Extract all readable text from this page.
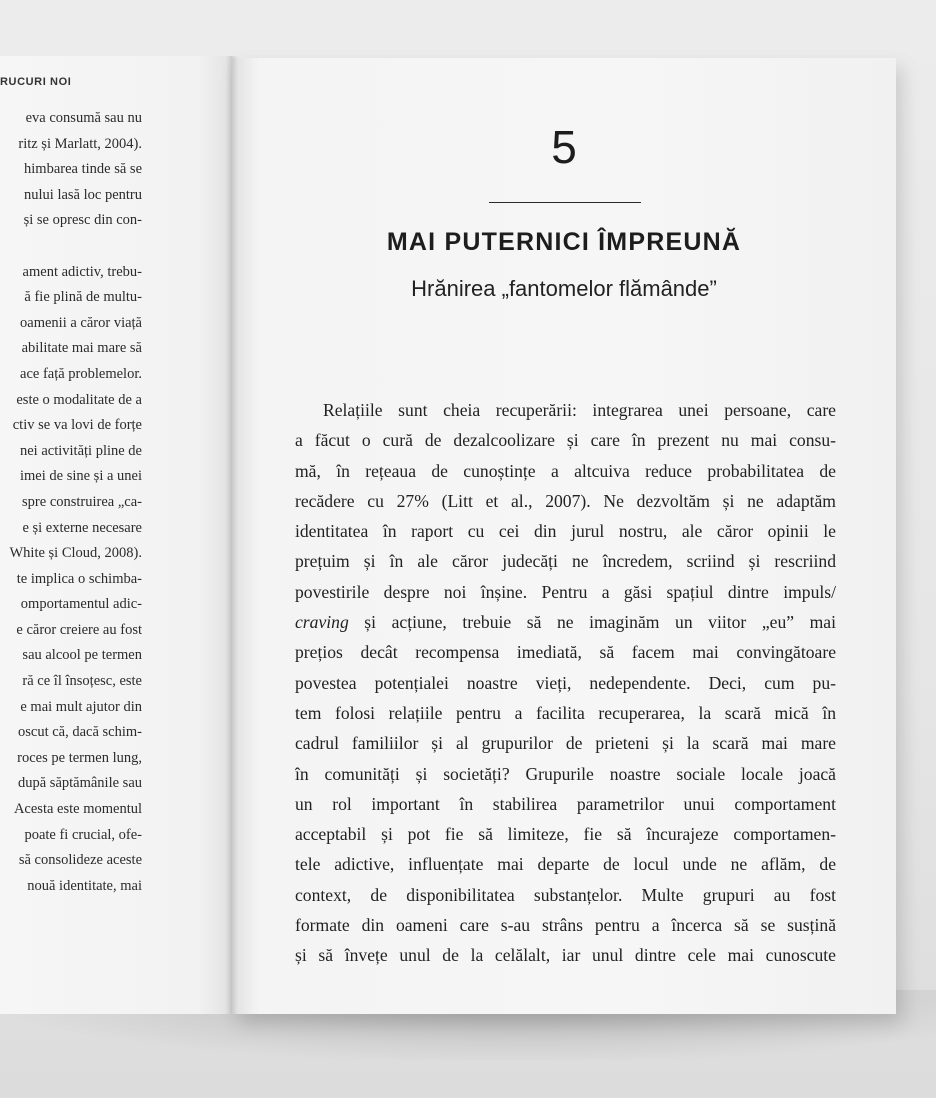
RUCURI NOI
eva consumă sau nu
ritz și Marlatt, 2004).
himbarea tinde să se
nului lasă loc pentru
și se opresc din con-
ament adictiv, trebu-
ă fie plină de multu-
oamenii a căror viață
abilitate mai mare să
ace față problemelor.
este o modalitate de a
ctiv se va lovi de forțe
nei activități pline de
imei de sine și a unei
spre construirea „ca-
e și externe necesare
White și Cloud, 2008).
te implica o schimba-
omportamentul adic-
e căror creiere au fost
sau alcool pe termen
ră ce îl însoțesc, este
e mai mult ajutor din
oscut că, dacă schim-
roces pe termen lung,
după săptămânile sau
Acesta este momentul
poate fi crucial, ofe-
să consolideze aceste
nouă identitate, mai
5
MAI PUTERNICI ÎMPREUNĂ
Hrănirea „fantomelor flămânde”
Relațiile sunt cheia recuperării: integrarea unei persoane, care
a făcut o cură de dezalcoolizare și care în prezent nu mai consu-
mă, în rețeaua de cunoștințe a altcuiva reduce probabilitatea de
recădere cu 27% (Litt et al., 2007). Ne dezvoltăm și ne adaptăm
identitatea în raport cu cei din jurul nostru, ale căror opinii le
prețuim și în ale căror judecăți ne încredem, scriind și rescriind
povestirile despre noi înșine. Pentru a găsi spațiul dintre impuls/
craving și acțiune, trebuie să ne imaginăm un viitor „eu” mai
prețios decât recompensa imediată, să facem mai convingătoare
povestea potențialei noastre vieți, nedependente. Deci, cum pu-
tem folosi relațiile pentru a facilita recuperarea, la scară mică în
cadrul familiilor și al grupurilor de prieteni și la scară mai mare
în comunități și societăți? Grupurile noastre sociale locale joacă
un rol important în stabilirea parametrilor unui comportament
acceptabil și pot fie să limiteze, fie să încurajeze comportamen-
tele adictive, influențate mai departe de locul unde ne aflăm, de
context, de disponibilitatea substanțelor. Multe grupuri au fost
formate din oameni care s-au strâns pentru a încerca să se susțină
și să învețe unul de la celălalt, iar unul dintre cele mai cunoscute
